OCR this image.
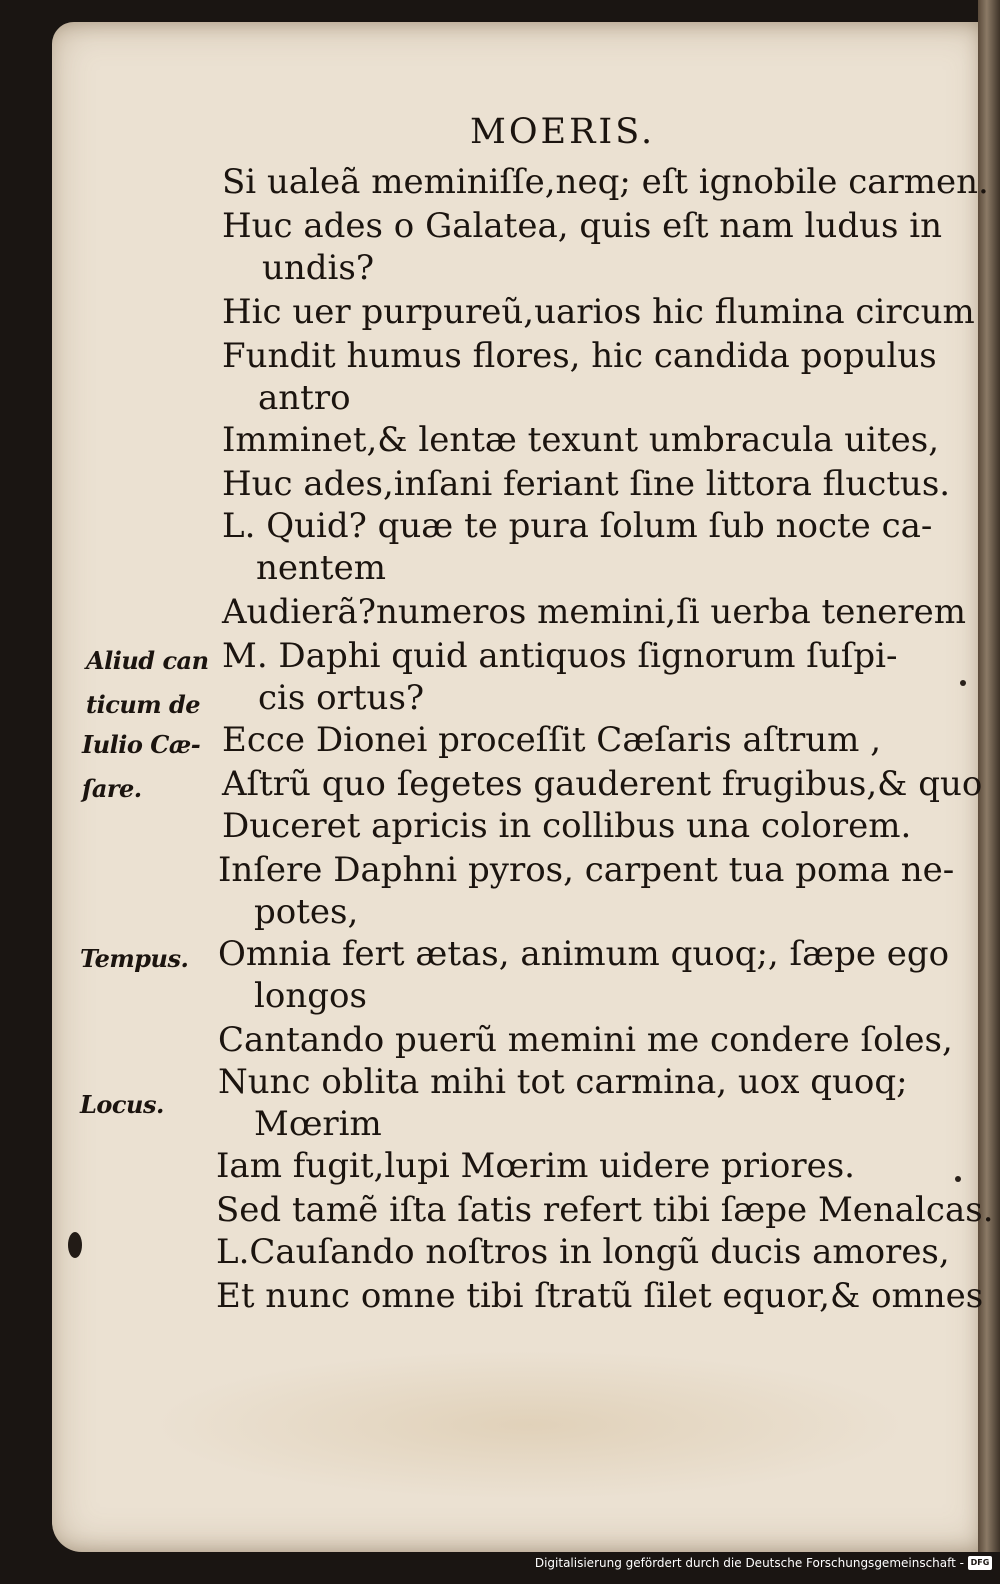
MOERIS.
Si ualeã meminiſſe,neq; eſt ignobile carmen.
Huc ades o Galatea, quis eſt nam ludus in
undis?
Hic uer purpureũ,uarios hic flumina circum
Fundit humus flores, hic candida populus
antro
Imminet,& lentæ texunt umbracula uites,
Huc ades,inſani feriant ſine littora fluctus.
L. Quid? quæ te pura ſolum ſub nocte ca-
nentem
Audierã?numeros memini,ſi uerba tenerem
M. Daphi quid antiquos ſignorum ſuſpi-
cis ortus?
Ecce Dionei proceſſit Cæſaris aſtrum ,
Aſtrũ quo ſegetes gauderent frugibus,& quo
Duceret apricis in collibus una colorem.
Inſere Daphni pyros, carpent tua poma ne-
potes,
Omnia fert ætas, animum quoq;, ſæpe ego
longos
Cantando puerũ memini me condere ſoles,
Nunc oblita mihi tot carmina, uox quoq;
Mœrim
Iam fugit,lupi Mœrim uidere priores.
Sed tamẽ iſta ſatis refert tibi ſæpe Menalcas.
L.Cauſando noſtros in longũ ducis amores,
Et nunc omne tibi ſtratũ ſilet equor,& omnes
Aliud can
ticum de
Iulio Cæ-
ſare.
Tempus.
Locus.
Digitalisierung gefördert durch die Deutsche Forschungsgemeinschaft - DFG
